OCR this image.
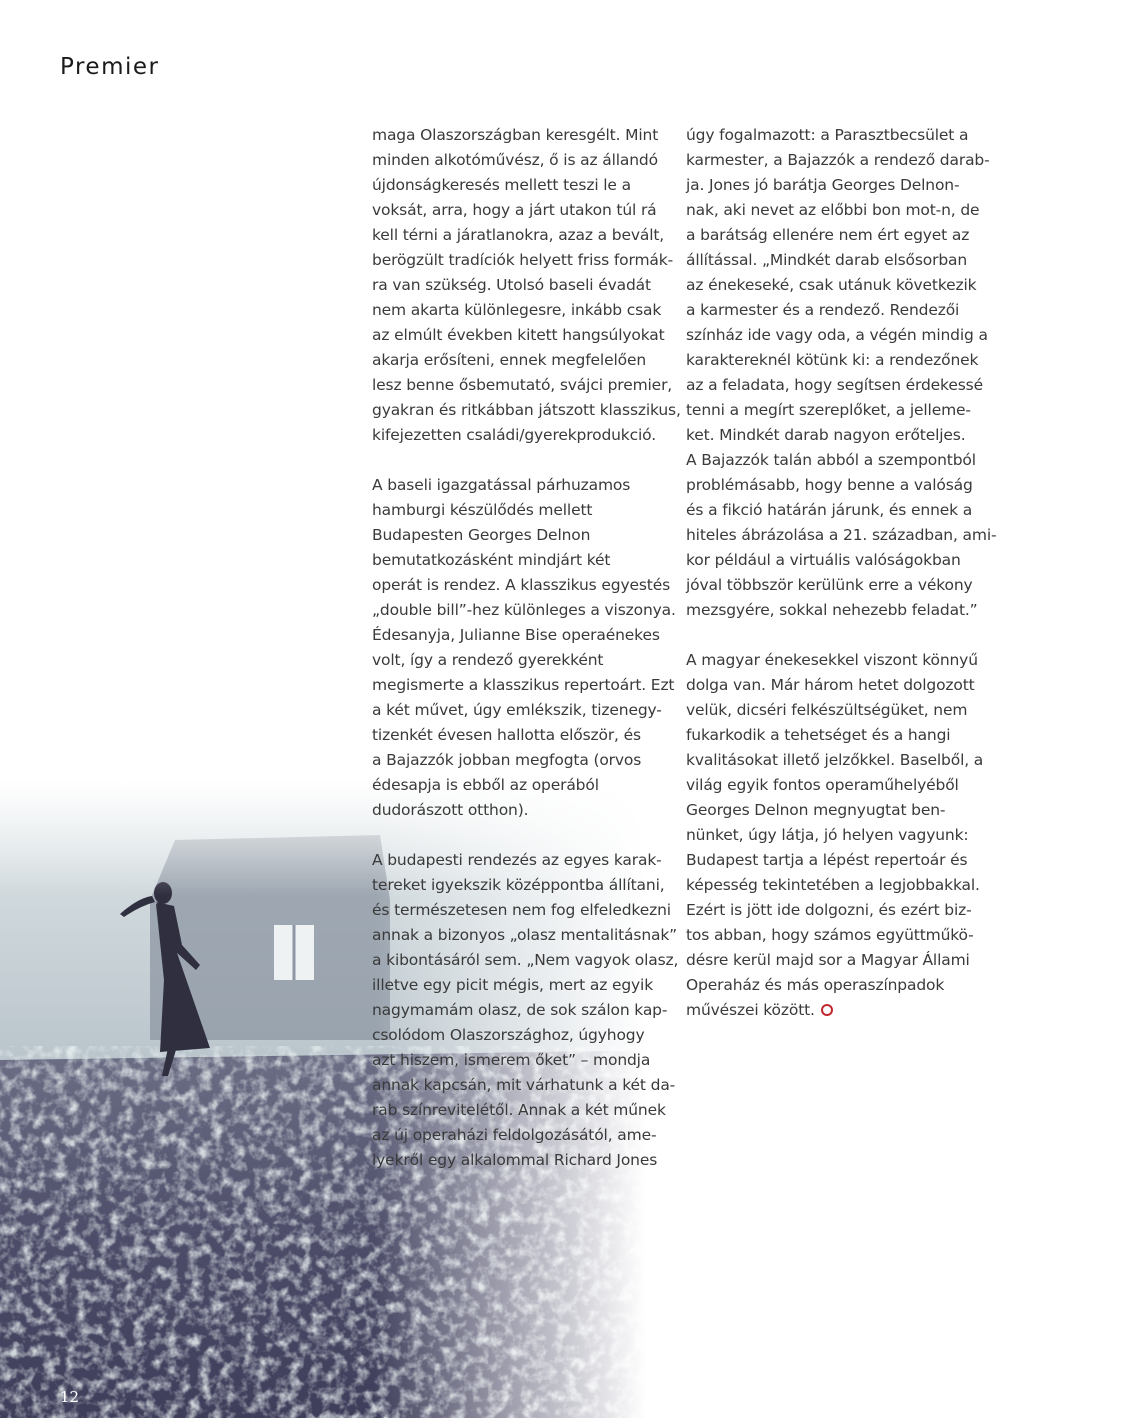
Premier

maga Olaszországban keresgélt. Mint
minden alkotóművész, ő is az állandó
újdonságkeresés mellett teszi le a
voksát, arra, hogy a járt utakon túl rá
kell térni a járatlanokra, azaz a bevált,
berögzült tradíciók helyett friss formák-
ra van szükség. Utolsó baseli évadát
nem akarta különlegesre, inkább csak
az elmúlt években kitett hangsúlyokat
akarja erősíteni, ennek megfelelően
lesz benne ősbemutató, svájci premier,
gyakran és ritkábban játszott klasszikus,
kifejezetten családi/gyerekprodukció.

A baseli igazgatással párhuzamos
hamburgi készülődés mellett
Budapesten Georges Delnon
bemutatkozásként mindjárt két
operát is rendez. A klasszikus egyestés
„double bill”-hez különleges a viszonya.
Édesanyja, Julianne Bise operaénekes
volt, így a rendező gyerekként
megismerte a klasszikus repertoárt. Ezt
a két művet, úgy emlékszik, tizenegy-
tizenkét évesen hallotta először, és
a Bajazzók jobban megfogta (orvos
édesapja is ebből az operából
dudorászott otthon).

A budapesti rendezés az egyes karak-
tereket igyekszik középpontba állítani,
és természetesen nem fog elfeledkezni
annak a bizonyos „olasz mentalitásnak”
a kibontásáról sem. „Nem vagyok olasz,
illetve egy picit mégis, mert az egyik
nagymamám olasz, de sok szálon kap-
csolódom Olaszországhoz, úgyhogy
azt hiszem, ismerem őket” – mondja
annak kapcsán, mit várhatunk a két da-
rab színrevitelétől. Annak a két műnek
az új operaházi feldolgozásától, ame-
lyekről egy alkalommal Richard Jones

úgy fogalmazott: a Parasztbecsület a
karmester, a Bajazzók a rendező darab-
ja. Jones jó barátja Georges Delnon-
nak, aki nevet az előbbi bon mot-n, de
a barátság ellenére nem ért egyet az
állítással. „Mindkét darab elsősorban
az énekeseké, csak utánuk következik
a karmester és a rendező. Rendezői
színház ide vagy oda, a végén mindig a
karaktereknél kötünk ki: a rendezőnek
az a feladata, hogy segítsen érdekessé
tenni a megírt szereplőket, a jelleme-
ket. Mindkét darab nagyon erőteljes.
A Bajazzók talán abból a szempontból
problémásabb, hogy benne a valóság
és a fikció határán járunk, és ennek a
hiteles ábrázolása a 21. században, ami-
kor például a virtuális valóságokban
jóval többször kerülünk erre a vékony
mezsgyére, sokkal nehezebb feladat.”

A magyar énekesekkel viszont könnyű
dolga van. Már három hetet dolgozott
velük, dicséri felkészültségüket, nem
fukarkodik a tehetséget és a hangi
kvalitásokat illető jelzőkkel. Baselből, a
világ egyik fontos operaműhelyéből
Georges Delnon megnyugtat ben-
nünket, úgy látja, jó helyen vagyunk:
Budapest tartja a lépést repertoár és
képesség tekintetében a legjobbakkal.
Ezért is jött ide dolgozni, és ezért biz-
tos abban, hogy számos együttműkö-
désre kerül majd sor a Magyar Állami
Operaház és más operaszínpadok
művészei között.

12
